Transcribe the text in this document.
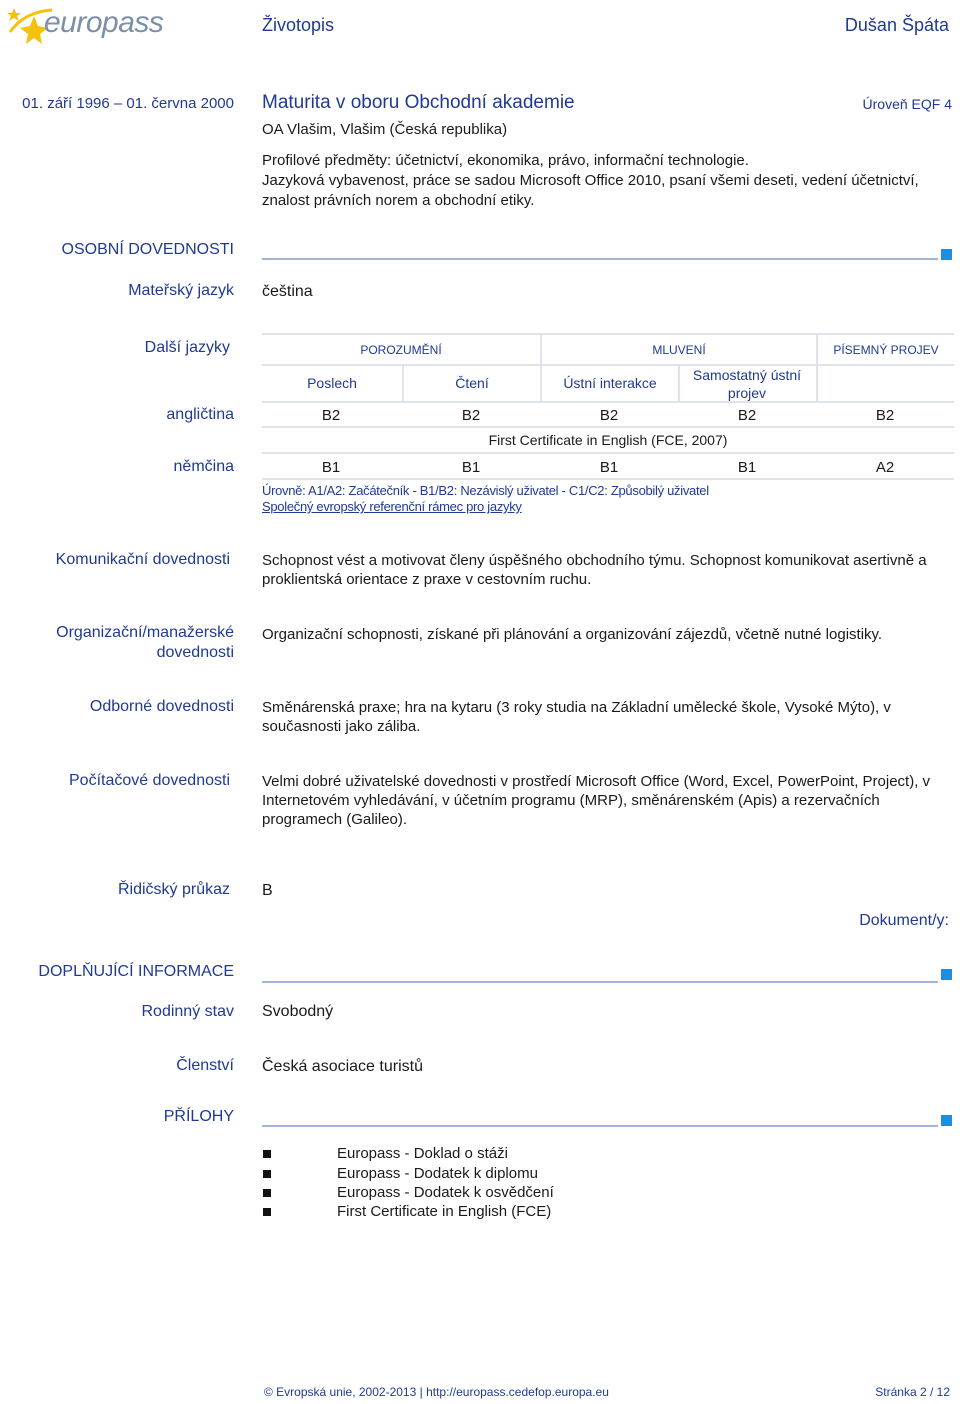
europass	Životopis	Dušan Špáta
01. září 1996 – 01. června 2000 Maturita v oboru Obchodní akademie	Úroveň EQF 4
OA Vlašim, Vlašim (Česká republika)
Profilové předměty: účetnictví, ekonomika, právo, informační technologie.
Jazyková vybavenost, práce se sadou Microsoft Office 2010, psaní všemi deseti, vedení účetnictví,
znalost právních norem a obchodní etiky.
OSOBNÍ DOVEDNOSTI
Mateřský jazyk čeština
Další jazyky	POROZUMĚNÍ	MLUVENÍ	PÍSEMNÝ PROJEV
Poslech	Čtení	Ústní interakce	Samostatný ústní projev
angličtina	B2	B2	B2	B2	B2
First Certificate in English (FCE, 2007)
němčina	B1	B1	B1	B1	A2
Úrovně: A1/A2: Začátečník - B1/B2: Nezávislý uživatel - C1/C2: Způsobilý uživatel
Společný evropský referenční rámec pro jazyky
Komunikační dovednosti Schopnost vést a motivovat členy úspěšného obchodního týmu. Schopnost komunikovat asertivně a
proklientská orientace z praxe v cestovním ruchu.
Organizační/manažerské
dovednosti
Organizační schopnosti, získané při plánování a organizování zájezdů, včetně nutné logistiky.
Odborné dovednosti Směnárenská praxe; hra na kytaru (3 roky studia na Základní umělecké škole, Vysoké Mýto), v
současnosti jako záliba.
Počítačové dovednosti Velmi dobré uživatelské dovednosti v prostředí Microsoft Office (Word, Excel, PowerPoint, Project), v
Internetovém vyhledávání, v účetním programu (MRP), směnárenském (Apis) a rezervačních
programech (Galileo).
Řidičský průkaz B
Dokument/y:
DOPLŇUJÍCÍ INFORMACE
Rodinný stav Svobodný
Členství Česká asociace turistů
PŘÍLOHY
Europass - Doklad o stáži
Europass - Dodatek k diplomu
Europass - Dodatek k osvědčení
First Certificate in English (FCE)
© Evropská unie, 2002-2013 | http://europass.cedefop.europa.eu	Stránka 2 / 12
